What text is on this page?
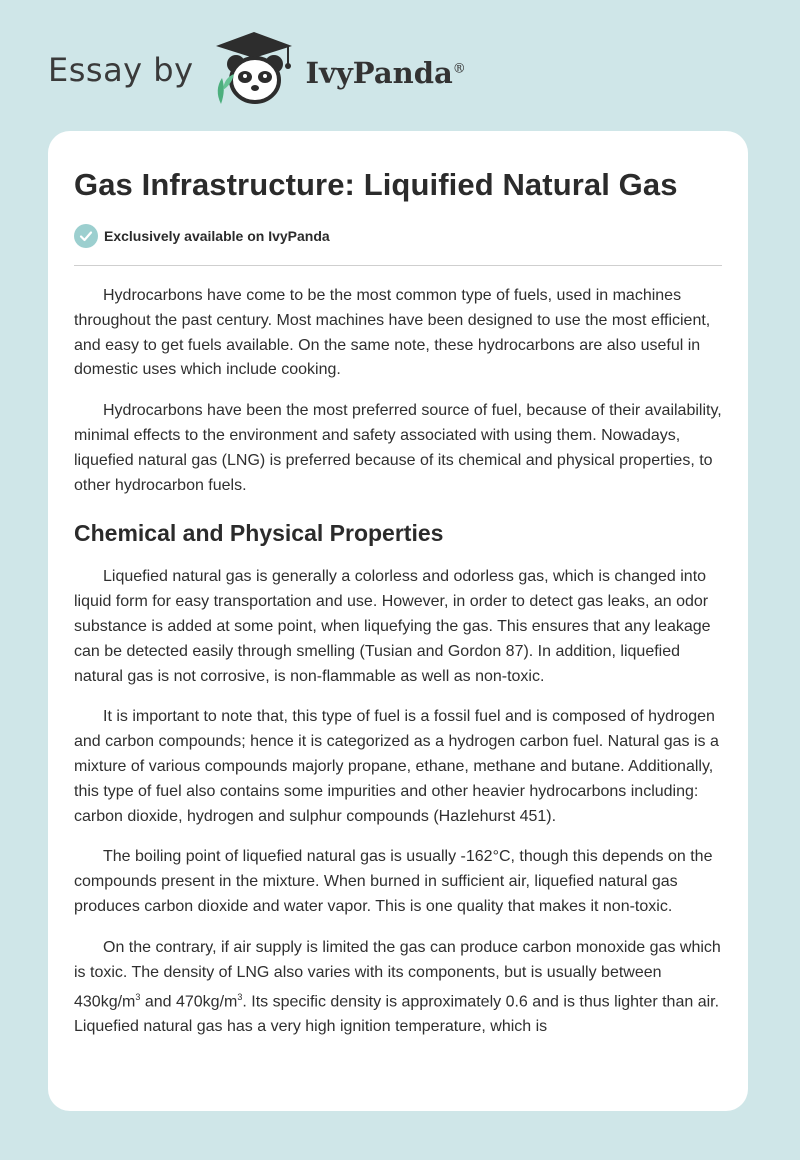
Essay by	IvyPanda®
Gas Infrastructure: Liquified Natural Gas
Exclusively available on IvyPanda

Hydrocarbons have come to be the most common type of fuels, used in machines throughout the past century. Most machines have been designed to use the most efficient, and easy to get fuels available. On the same note, these hydrocarbons are also useful in domestic uses which include cooking.

Hydrocarbons have been the most preferred source of fuel, because of their availability, minimal effects to the environment and safety associated with using them. Nowadays, liquefied natural gas (LNG) is preferred because of its chemical and physical properties, to other hydrocarbon fuels.

Chemical and Physical Properties

Liquefied natural gas is generally a colorless and odorless gas, which is changed into liquid form for easy transportation and use. However, in order to detect gas leaks, an odor substance is added at some point, when liquefying the gas. This ensures that any leakage can be detected easily through smelling (Tusian and Gordon 87). In addition, liquefied natural gas is not corrosive, is non-flammable as well as non-toxic.

It is important to note that, this type of fuel is a fossil fuel and is composed of hydrogen and carbon compounds; hence it is categorized as a hydrogen carbon fuel. Natural gas is a mixture of various compounds majorly propane, ethane, methane and butane. Additionally, this type of fuel also contains some impurities and other heavier hydrocarbons including: carbon dioxide, hydrogen and sulphur compounds (Hazlehurst 451).

The boiling point of liquefied natural gas is usually -162°C, though this depends on the compounds present in the mixture. When burned in sufficient air, liquefied natural gas produces carbon dioxide and water vapor. This is one quality that makes it non-toxic.

On the contrary, if air supply is limited the gas can produce carbon monoxide gas which is toxic. The density of LNG also varies with its components, but is usually between $430kg/m^3$ and $470kg/m^3$. Its specific density is approximately 0.6 and is thus lighter than air. Liquefied natural gas has a very high ignition temperature, which is
